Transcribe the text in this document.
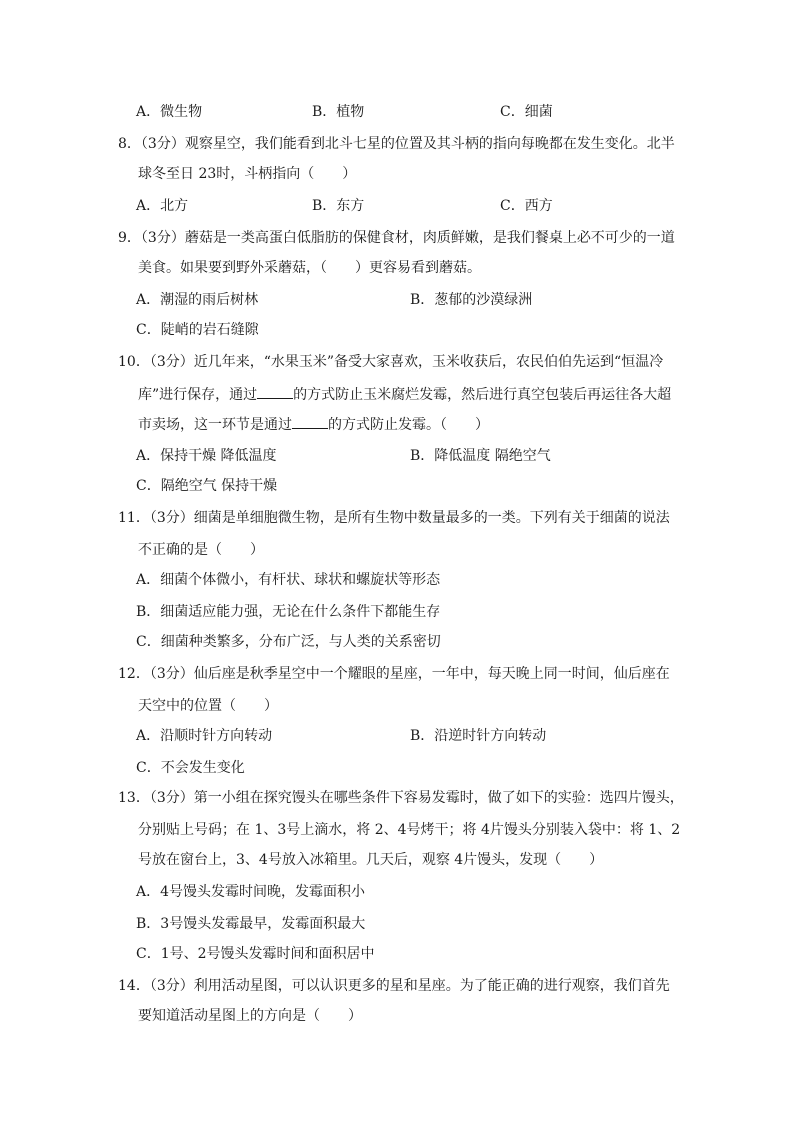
A．微生物	B．植物	C．细菌
8．（3分）观察星空，我们能看到北斗七星的位置及其斗柄的指向每晚都在发生变化。北半
球冬至日 23时，斗柄指向（　　）
A．北方	B．东方	C．西方
9．（3分）蘑菇是一类高蛋白低脂肪的保健食材，肉质鲜嫩，是我们餐桌上必不可少的一道
美食。如果要到野外采蘑菇，（　　）更容易看到蘑菇。
A．潮湿的雨后树林	B．葱郁的沙漠绿洲
C．陡峭的岩石缝隙
10．（3分）近几年来，“水果玉米”备受大家喜欢，玉米收获后，农民伯伯先运到“恒温冷
库”进行保存，通过	的方式防止玉米腐烂发霉，然后进行真空包装后再运往各大超
市卖场，这一环节是通过	的方式防止发霉。（　　）
A．保持干燥 降低温度	B．降低温度 隔绝空气
C．隔绝空气 保持干燥
11．（3分）细菌是单细胞微生物，是所有生物中数量最多的一类。下列有关于细菌的说法
不正确的是（　　）
A．细菌个体微小，有杆状、球状和螺旋状等形态
B．细菌适应能力强，无论在什么条件下都能生存
C．细菌种类繁多，分布广泛，与人类的关系密切
12．（3分）仙后座是秋季星空中一个耀眼的星座，一年中，每天晚上同一时间，仙后座在
天空中的位置（　　）
A．沿顺时针方向转动	B．沿逆时针方向转动
C．不会发生变化
13．（3分）第一小组在探究馒头在哪些条件下容易发霉时，做了如下的实验：选四片馒头，
分别贴上号码；在 1、3号上滴水，将 2、4号烤干；将 4片馒头分别装入袋中：将 1、2
号放在窗台上，3、4号放入冰箱里。几天后，观察 4片馒头，发现（　　）
A．4号馒头发霉时间晚，发霉面积小
B．3号馒头发霉最早，发霉面积最大
C．1号、2号馒头发霉时间和面积居中
14．（3分）利用活动星图，可以认识更多的星和星座。为了能正确的进行观察，我们首先
要知道活动星图上的方向是（　　）
